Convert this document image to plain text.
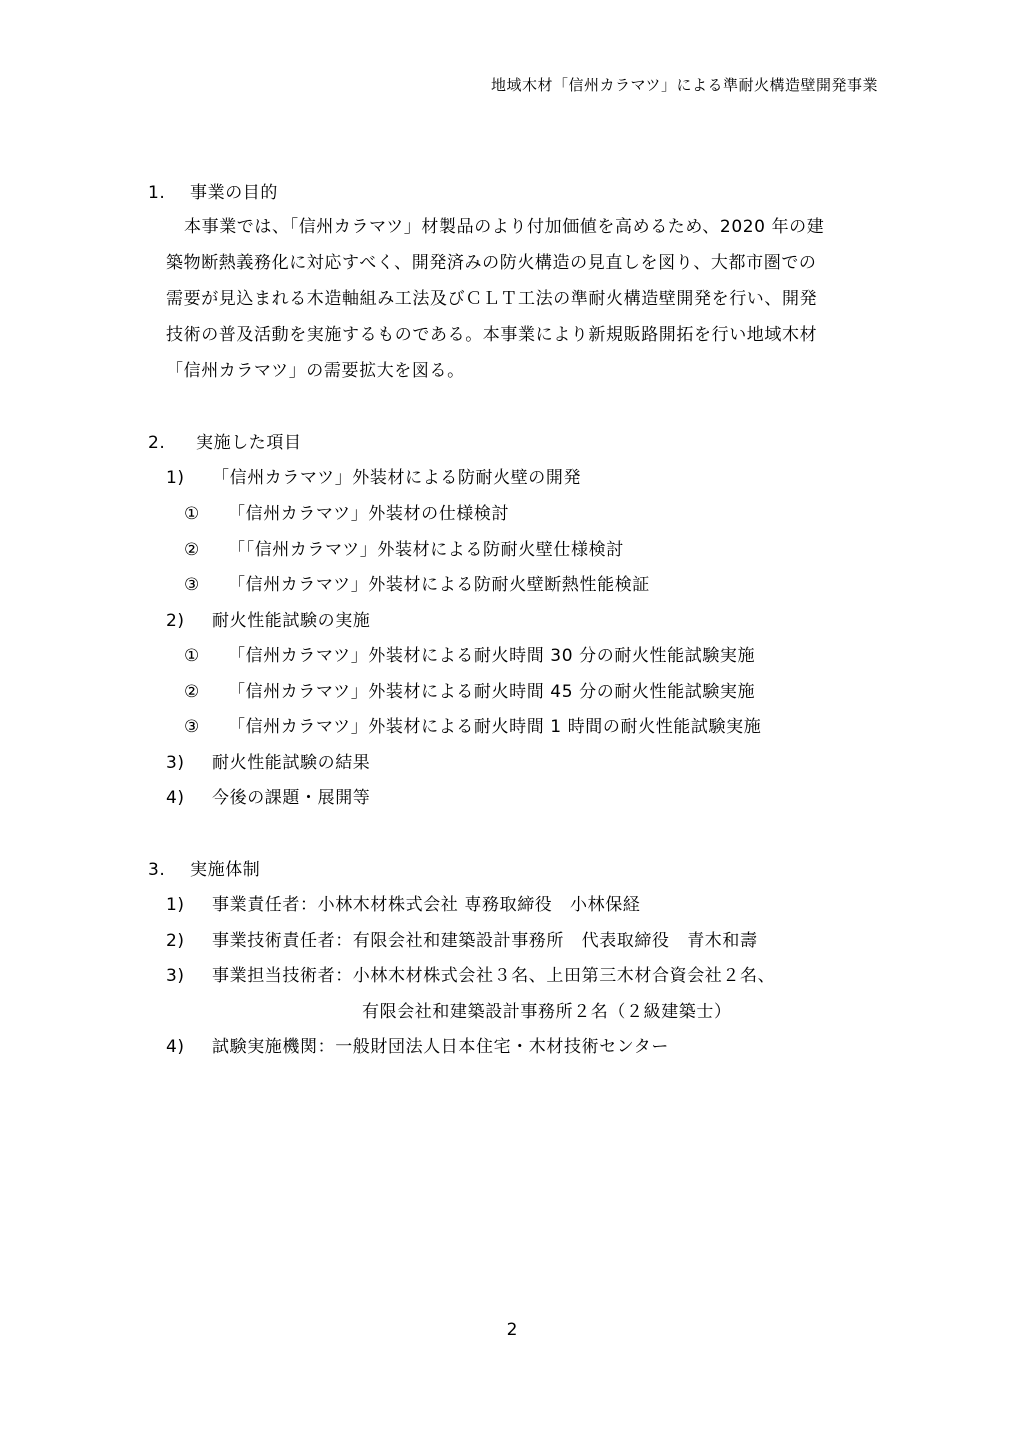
地域木材「信州カラマツ」による準耐火構造壁開発事業
1. 事業の目的
本事業では、「信州カラマツ」材製品のより付加価値を高めるため、2020 年の建
築物断熱義務化に対応すべく、開発済みの防火構造の見直しを図り、大都市圏での
需要が見込まれる木造軸組み工法及びＣＬＴ工法の準耐火構造壁開発を行い、開発
技術の普及活動を実施するものである。本事業により新規販路開拓を行い地域木材
「信州カラマツ」の需要拡大を図る。
2. 実施した項目
1) 「信州カラマツ」外装材による防耐火壁の開発
① 「信州カラマツ」外装材の仕様検討
② 「「信州カラマツ」外装材による防耐火壁仕様検討
③ 「信州カラマツ」外装材による防耐火壁断熱性能検証
2) 耐火性能試験の実施
① 「信州カラマツ」外装材による耐火時間 30 分の耐火性能試験実施
② 「信州カラマツ」外装材による耐火時間 45 分の耐火性能試験実施
③ 「信州カラマツ」外装材による耐火時間 1 時間の耐火性能試験実施
3) 耐火性能試験の結果
4) 今後の課題・展開等
3. 実施体制
1) 事業責任者：小林木材株式会社 専務取締役　小林保経
2) 事業技術責任者：有限会社和建築設計事務所　代表取締役　青木和壽
3) 事業担当技術者：小林木材株式会社３名、上田第三木材合資会社２名、
有限会社和建築設計事務所２名（２級建築士）
4) 試験実施機関：一般財団法人日本住宅・木材技術センター
2
